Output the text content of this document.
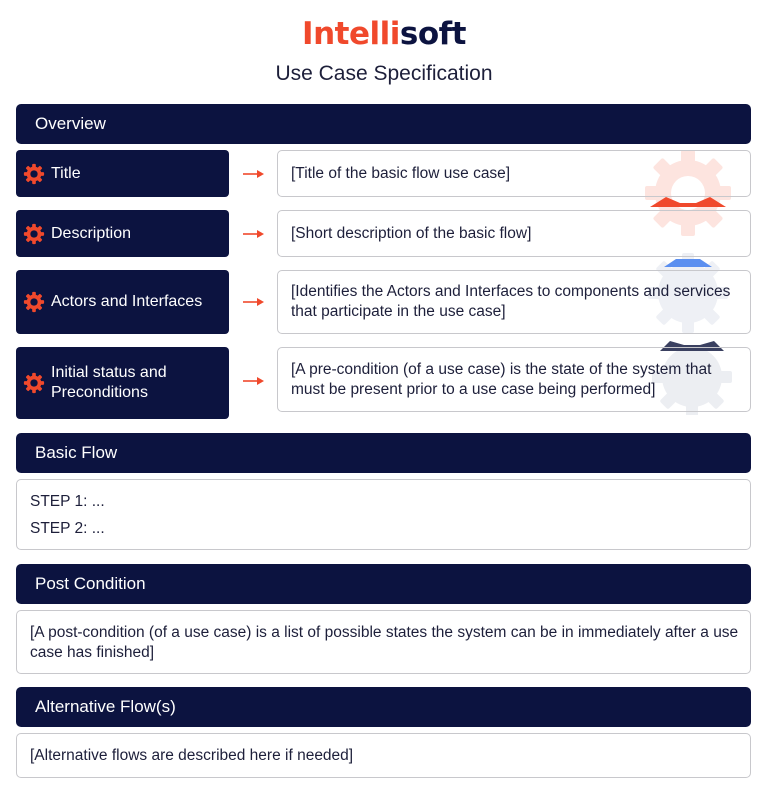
Intellisoft
Use Case Specification
Overview
Title	[Title of the basic flow use case]
Description	[Short description of the basic flow]
Actors and Interfaces
[Identifies the Actors and Interfaces to components and services that participate in the use case]
Initial status and Preconditions
[A pre-condition (of a use case) is the state of the system that must be present prior to a use case being performed]
Basic Flow
STEP 1: ...
STEP 2: ...
Post Condition
[A post-condition (of a use case) is a list of possible states the system can be in immediately after a use case has finished]
Alternative Flow(s)
[Alternative flows are described here if needed]
